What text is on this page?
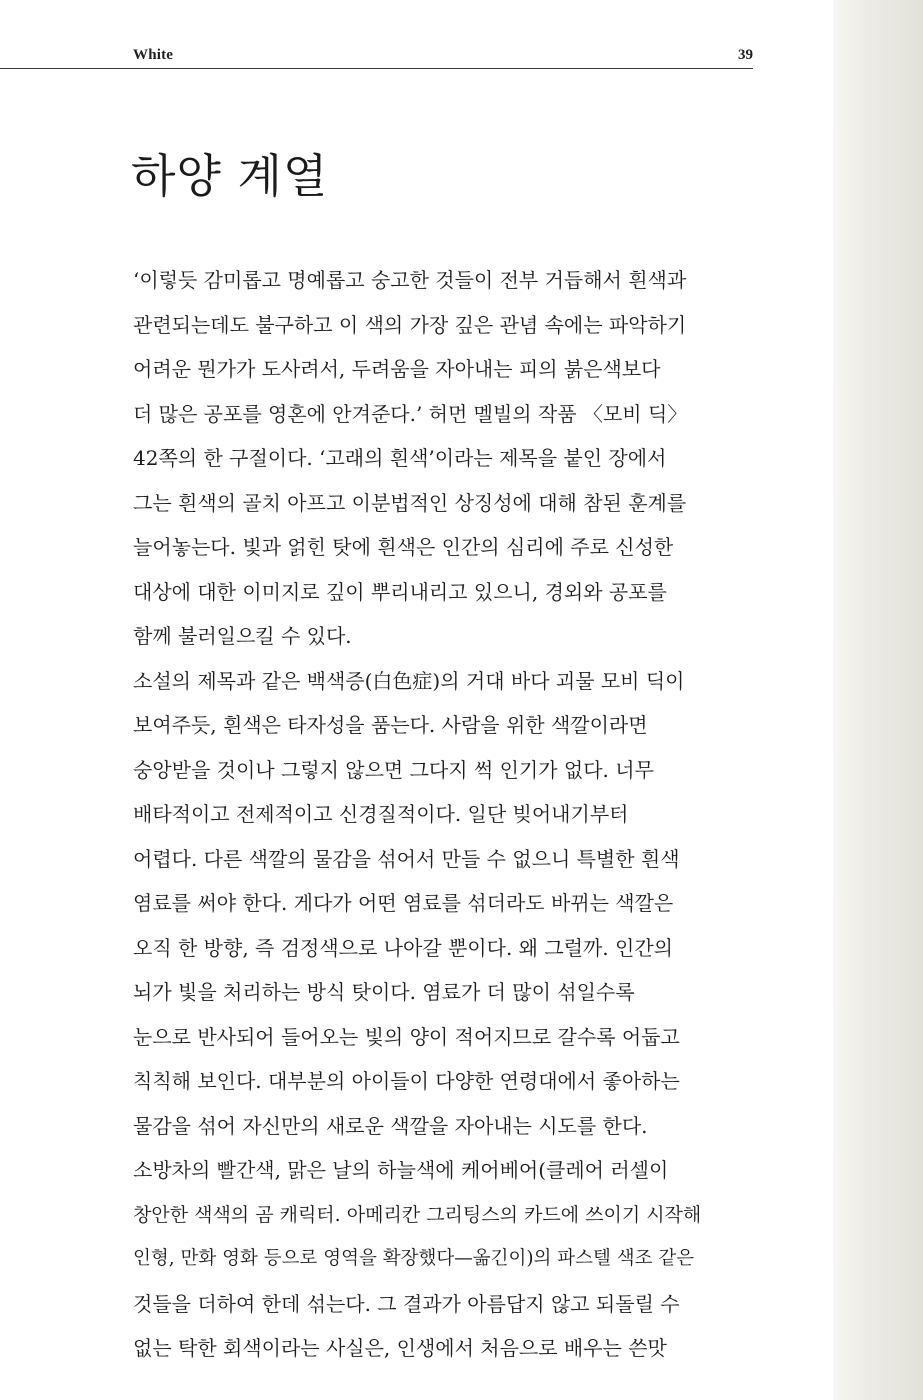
White	39
하양 계열
‘이렇듯 감미롭고 명예롭고 숭고한 것들이 전부 거듭해서 흰색과
관련되는데도 불구하고 이 색의 가장 깊은 관념 속에는 파악하기
어려운 뭔가가 도사려서, 두려움을 자아내는 피의 붉은색보다
더 많은 공포를 영혼에 안겨준다.’ 허먼 멜빌의 작품 〈모비 딕〉
42쪽의 한 구절이다. ‘고래의 흰색’이라는 제목을 붙인 장에서
그는 흰색의 골치 아프고 이분법적인 상징성에 대해 참된 훈계를
늘어놓는다. 빛과 얽힌 탓에 흰색은 인간의 심리에 주로 신성한
대상에 대한 이미지로 깊이 뿌리내리고 있으니, 경외와 공포를
함께 불러일으킬 수 있다.
소설의 제목과 같은 백색증(白色症)의 거대 바다 괴물 모비 딕이
보여주듯, 흰색은 타자성을 품는다. 사람을 위한 색깔이라면
숭앙받을 것이나 그렇지 않으면 그다지 썩 인기가 없다. 너무
배타적이고 전제적이고 신경질적이다. 일단 빚어내기부터
어렵다. 다른 색깔의 물감을 섞어서 만들 수 없으니 특별한 흰색
염료를 써야 한다. 게다가 어떤 염료를 섞더라도 바뀌는 색깔은
오직 한 방향, 즉 검정색으로 나아갈 뿐이다. 왜 그럴까. 인간의
뇌가 빛을 처리하는 방식 탓이다. 염료가 더 많이 섞일수록
눈으로 반사되어 들어오는 빛의 양이 적어지므로 갈수록 어둡고
칙칙해 보인다. 대부분의 아이들이 다양한 연령대에서 좋아하는
물감을 섞어 자신만의 새로운 색깔을 자아내는 시도를 한다.
소방차의 빨간색, 맑은 날의 하늘색에 케어베어(클레어 러셀이
창안한 색색의 곰 캐릭터. 아메리칸 그리팅스의 카드에 쓰이기 시작해
인형, 만화 영화 등으로 영역을 확장했다—옮긴이)의 파스텔 색조 같은
것들을 더하여 한데 섞는다. 그 결과가 아름답지 않고 되돌릴 수
없는 탁한 회색이라는 사실은, 인생에서 처음으로 배우는 쓴맛
